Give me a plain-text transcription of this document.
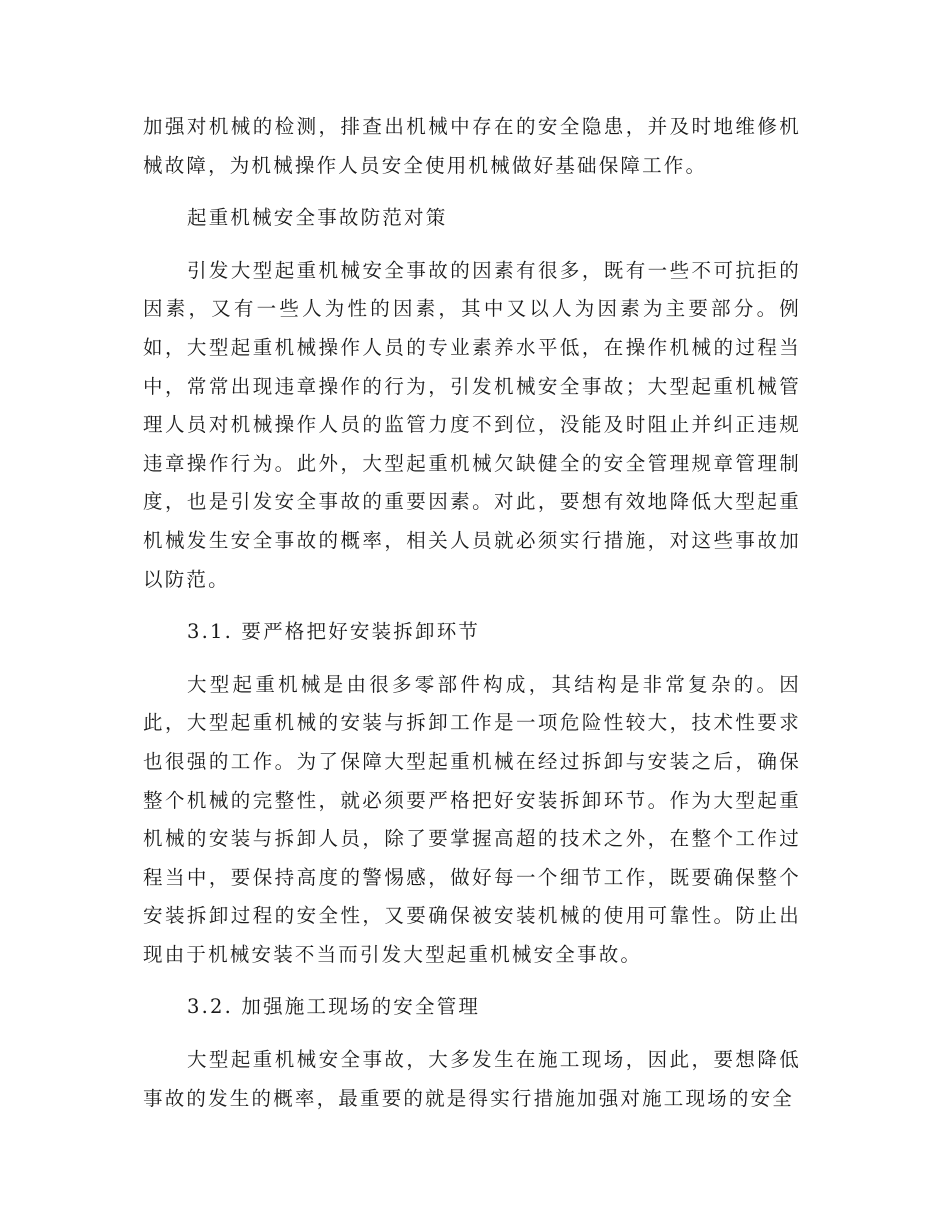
加强对机械的检测，排查出机械中存在的安全隐患，并及时地维修机械故障，为机械操作人员安全使用机械做好基础保障工作。

起重机械安全事故防范对策

引发大型起重机械安全事故的因素有很多，既有一些不可抗拒的因素，又有一些人为性的因素，其中又以人为因素为主要部分。例如，大型起重机械操作人员的专业素养水平低，在操作机械的过程当中，常常出现违章操作的行为，引发机械安全事故；大型起重机械管理人员对机械操作人员的监管力度不到位，没能及时阻止并纠正违规违章操作行为。此外，大型起重机械欠缺健全的安全管理规章管理制度，也是引发安全事故的重要因素。对此，要想有效地降低大型起重机械发生安全事故的概率，相关人员就必须实行措施，对这些事故加以防范。

3.1. 要严格把好安装拆卸环节

大型起重机械是由很多零部件构成，其结构是非常复杂的。因此，大型起重机械的安装与拆卸工作是一项危险性较大，技术性要求也很强的工作。为了保障大型起重机械在经过拆卸与安装之后，确保整个机械的完整性，就必须要严格把好安装拆卸环节。作为大型起重机械的安装与拆卸人员，除了要掌握高超的技术之外，在整个工作过程当中，要保持高度的警惕感，做好每一个细节工作，既要确保整个安装拆卸过程的安全性，又要确保被安装机械的使用可靠性。防止出现由于机械安装不当而引发大型起重机械安全事故。

3.2. 加强施工现场的安全管理

大型起重机械安全事故，大多发生在施工现场，因此，要想降低事故的发生的概率，最重要的就是得实行措施加强对施工现场的安全
